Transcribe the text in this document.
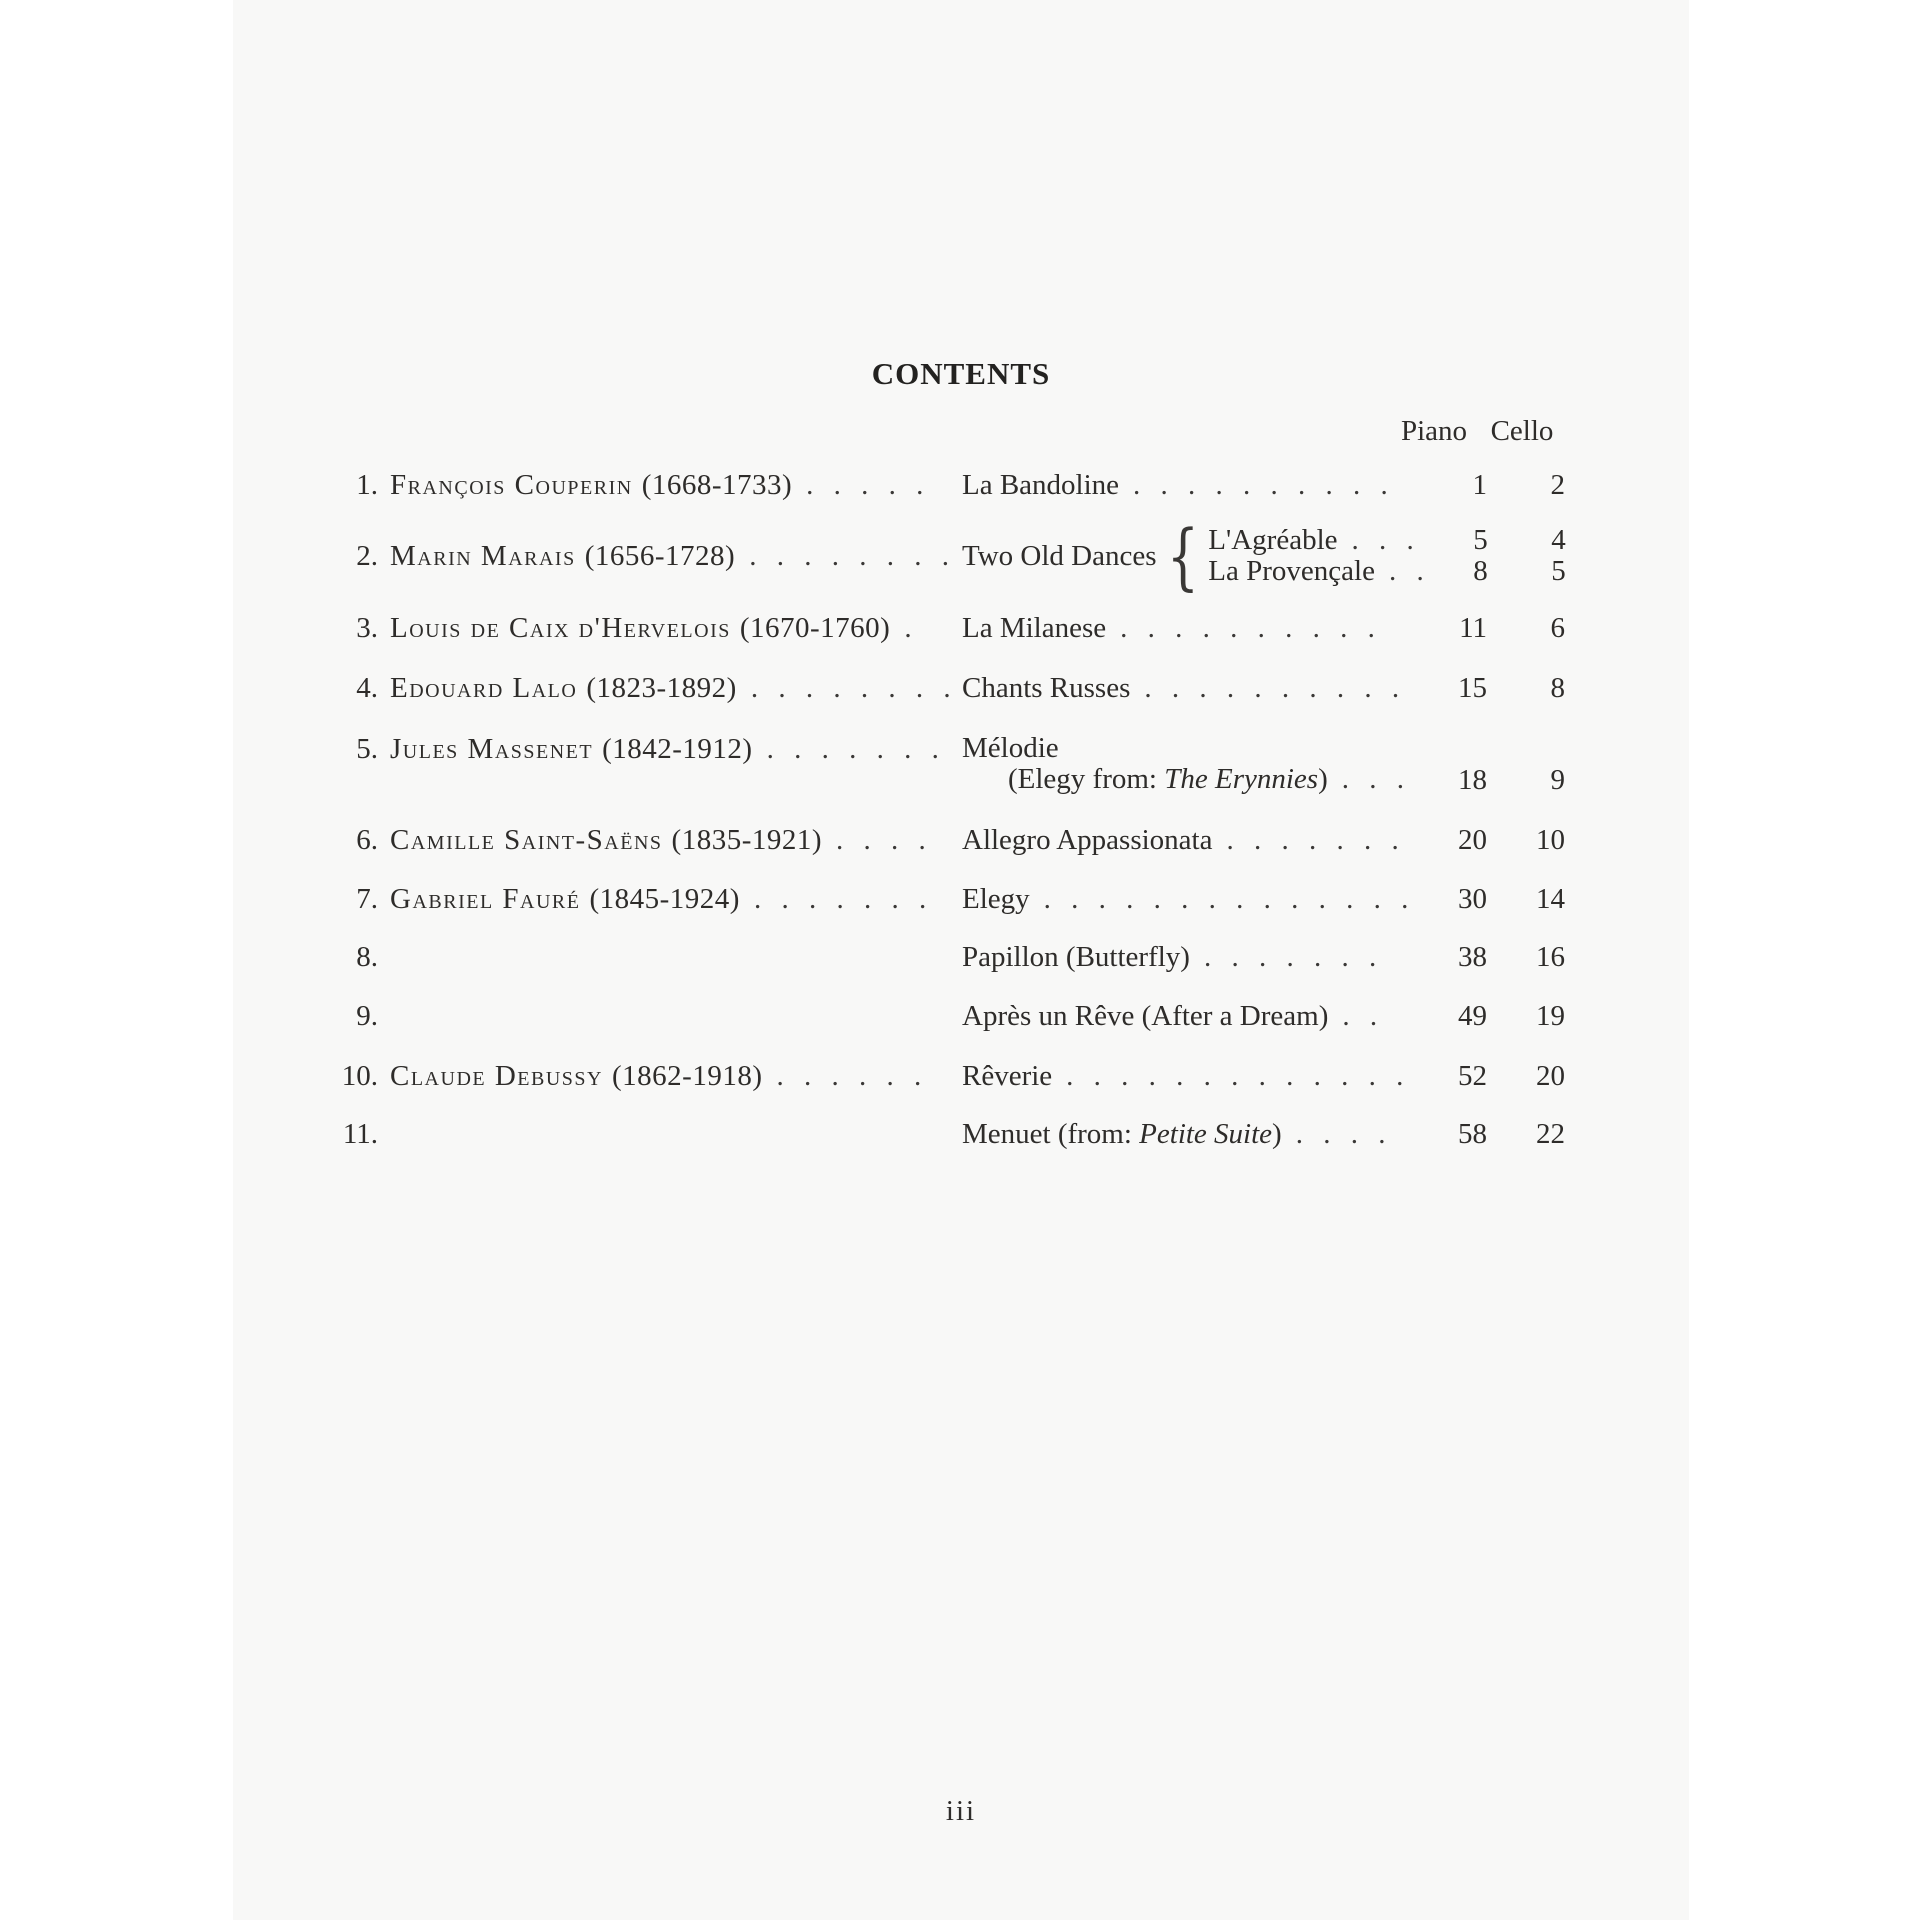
CONTENTS
Piano Cello
1. François Couperin (1668-1733) . . . . .	La Bandoline . . . . . . . . . .	1	2
2. Marin Marais (1656-1728) . . . . . . . . Two Old Dances { L'Agréable . . .	5	4
La Provençale . .	8	5
3. Louis de Caix d'Hervelois (1670-1760) .	La Milanese . . . . . . . . . .	11	6
4. Edouard Lalo (1823-1892) . . . . . . . . Chants Russes . . . . . . . . . .	15	8
5. Jules Massenet (1842-1912) . . . . . . . Mélodie
(Elegy from: The Erynnies) . . .	18	9
6. Camille Saint-Saëns (1835-1921) . . . .	Allegro Appassionata . . . . . . .	20	10
7. Gabriel Fauré (1845-1924) . . . . . . .	Elegy . . . . . . . . . . . . . .	30	14
8.	Papillon (Butterfly) . . . . . . .	38	16
9.	Après un Rêve (After a Dream) . .	49	19
10. Claude Debussy (1862-1918) . . . . . .	Rêverie . . . . . . . . . . . . .	52	20
11.	Menuet (from: Petite Suite) . . . .	58	22
iii
